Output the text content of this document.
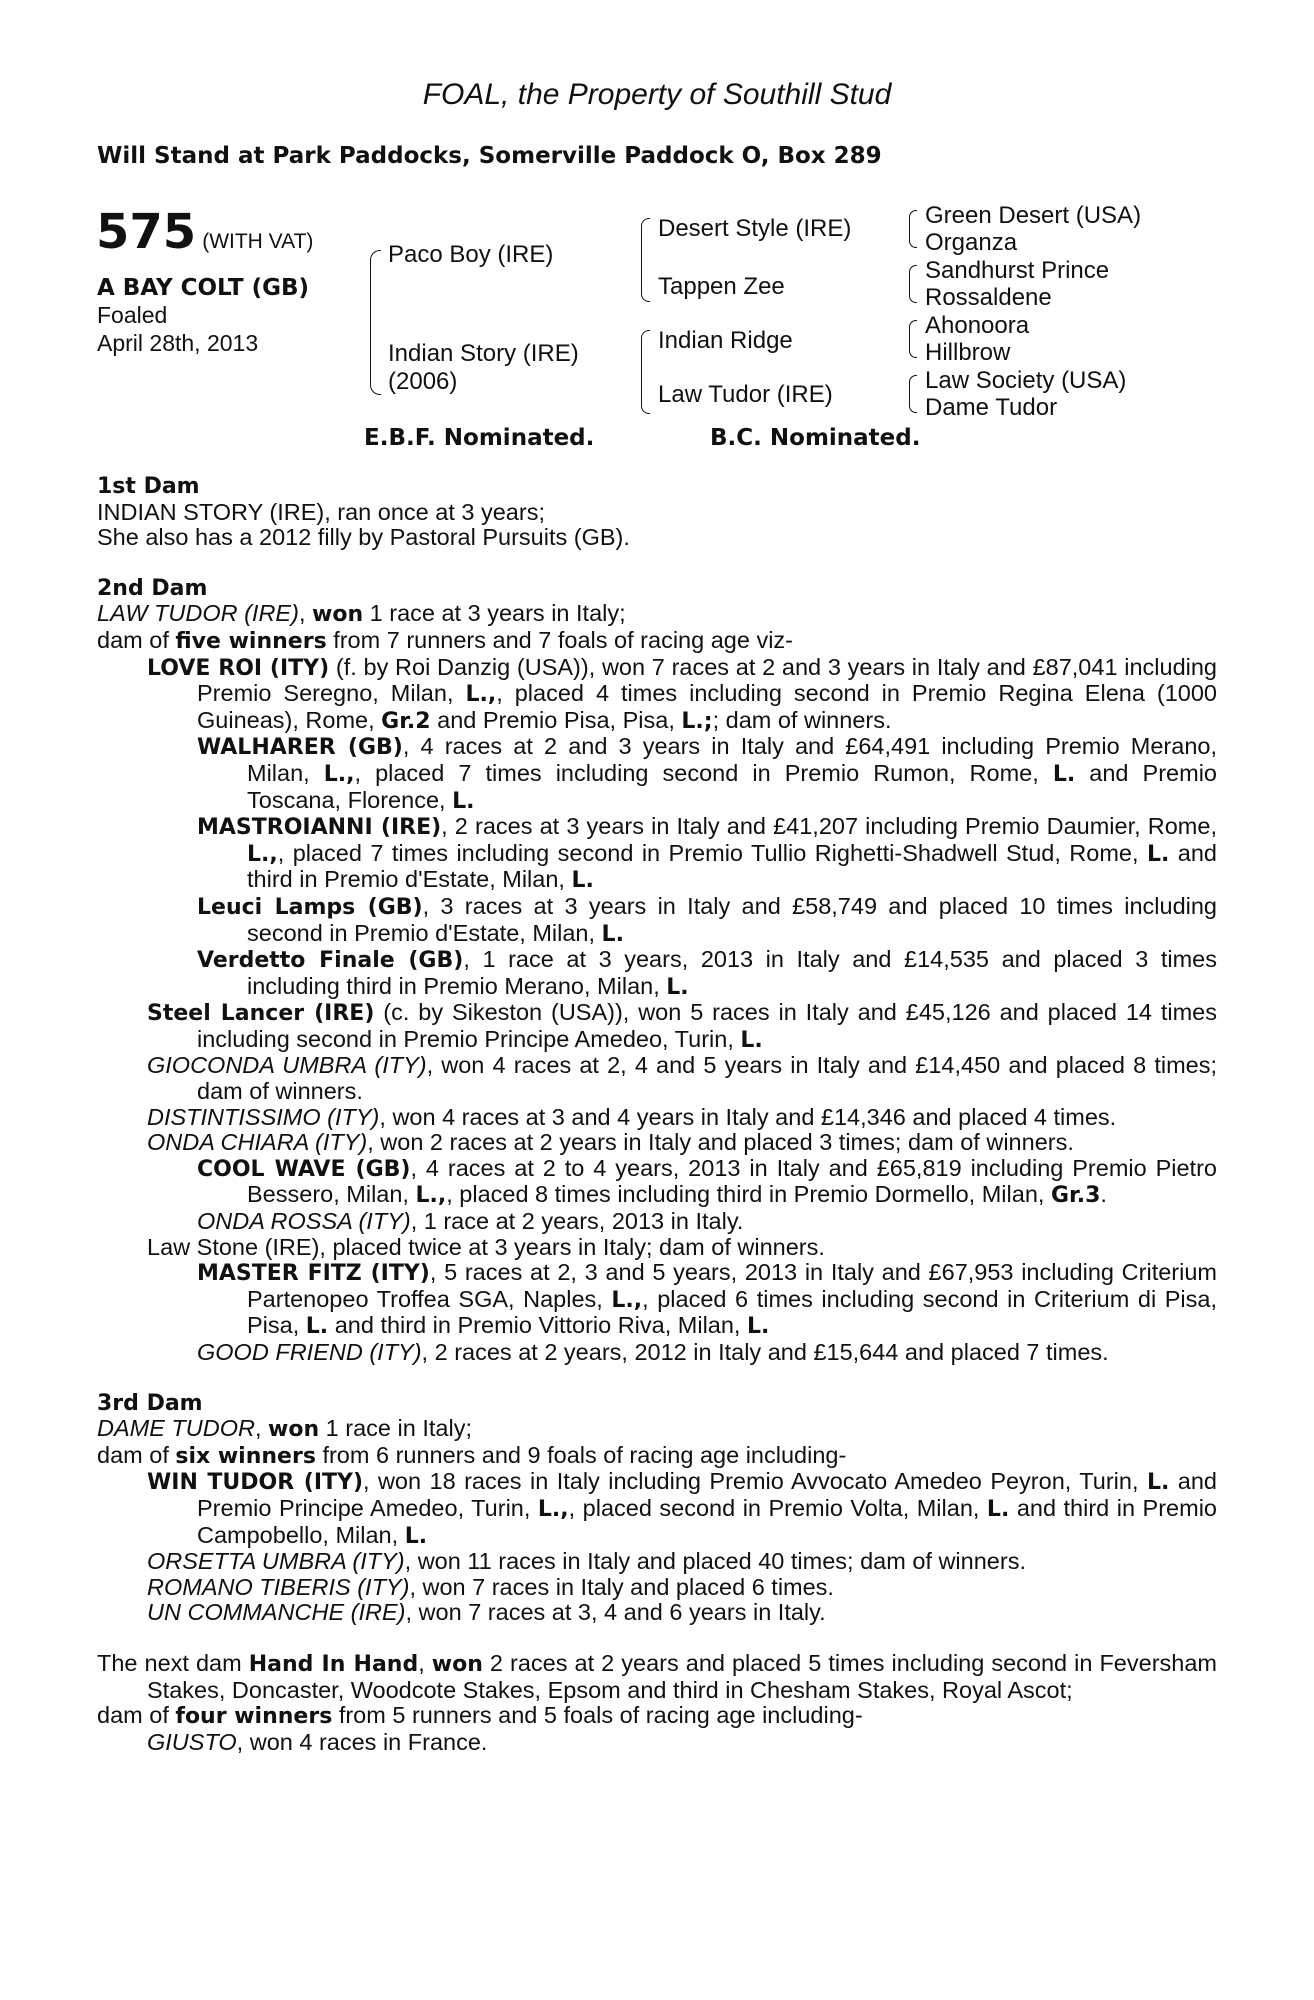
FOAL, the Property of Southill Stud
Will Stand at Park Paddocks, Somerville Paddock O, Box 289
575 (WITH VAT)
A BAY COLT (GB)
Foaled
April 28th, 2013
Paco Boy (IRE)
Indian Story (IRE)
(2006)
Desert Style (IRE)
Tappen Zee
Indian Ridge
Law Tudor (IRE)
Green Desert (USA)
Organza
Sandhurst Prince
Rossaldene
Ahonoora
Hillbrow
Law Society (USA)
Dame Tudor
E.B.F. Nominated.	B.C. Nominated.
1st Dam
INDIAN STORY (IRE), ran once at 3 years;
She also has a 2012 filly by Pastoral Pursuits (GB).
2nd Dam
LAW TUDOR (IRE), won 1 race at 3 years in Italy;
dam of five winners from 7 runners and 7 foals of racing age viz-
LOVE ROI (ITY) (f. by Roi Danzig (USA)), won 7 races at 2 and 3 years in Italy and £87,041 including Premio Seregno, Milan, L.,, placed 4 times including second in Premio Regina Elena (1000 Guineas), Rome, Gr.2 and Premio Pisa, Pisa, L.;; dam of winners.
WALHARER (GB), 4 races at 2 and 3 years in Italy and £64,491 including Premio Merano, Milan, L.,, placed 7 times including second in Premio Rumon, Rome, L. and Premio Toscana, Florence, L.
MASTROIANNI (IRE), 2 races at 3 years in Italy and £41,207 including Premio Daumier, Rome, L.,, placed 7 times including second in Premio Tullio Righetti-Shadwell Stud, Rome, L. and third in Premio d'Estate, Milan, L.
Leuci Lamps (GB), 3 races at 3 years in Italy and £58,749 and placed 10 times including second in Premio d'Estate, Milan, L.
Verdetto Finale (GB), 1 race at 3 years, 2013 in Italy and £14,535 and placed 3 times including third in Premio Merano, Milan, L.
Steel Lancer (IRE) (c. by Sikeston (USA)), won 5 races in Italy and £45,126 and placed 14 times including second in Premio Principe Amedeo, Turin, L.
GIOCONDA UMBRA (ITY), won 4 races at 2, 4 and 5 years in Italy and £14,450 and placed 8 times; dam of winners.
DISTINTISSIMO (ITY), won 4 races at 3 and 4 years in Italy and £14,346 and placed 4 times.
ONDA CHIARA (ITY), won 2 races at 2 years in Italy and placed 3 times; dam of winners.
COOL WAVE (GB), 4 races at 2 to 4 years, 2013 in Italy and £65,819 including Premio Pietro Bessero, Milan, L.,, placed 8 times including third in Premio Dormello, Milan, Gr.3.
ONDA ROSSA (ITY), 1 race at 2 years, 2013 in Italy.
Law Stone (IRE), placed twice at 3 years in Italy; dam of winners.
MASTER FITZ (ITY), 5 races at 2, 3 and 5 years, 2013 in Italy and £67,953 including Criterium Partenopeo Troffea SGA, Naples, L.,, placed 6 times including second in Criterium di Pisa, Pisa, L. and third in Premio Vittorio Riva, Milan, L.
GOOD FRIEND (ITY), 2 races at 2 years, 2012 in Italy and £15,644 and placed 7 times.
3rd Dam
DAME TUDOR, won 1 race in Italy;
dam of six winners from 6 runners and 9 foals of racing age including-
WIN TUDOR (ITY), won 18 races in Italy including Premio Avvocato Amedeo Peyron, Turin, L. and Premio Principe Amedeo, Turin, L.,, placed second in Premio Volta, Milan, L. and third in Premio Campobello, Milan, L.
ORSETTA UMBRA (ITY), won 11 races in Italy and placed 40 times; dam of winners.
ROMANO TIBERIS (ITY), won 7 races in Italy and placed 6 times.
UN COMMANCHE (IRE), won 7 races at 3, 4 and 6 years in Italy.
The next dam Hand In Hand, won 2 races at 2 years and placed 5 times including second in Feversham Stakes, Doncaster, Woodcote Stakes, Epsom and third in Chesham Stakes, Royal Ascot;
dam of four winners from 5 runners and 5 foals of racing age including-
GIUSTO, won 4 races in France.
